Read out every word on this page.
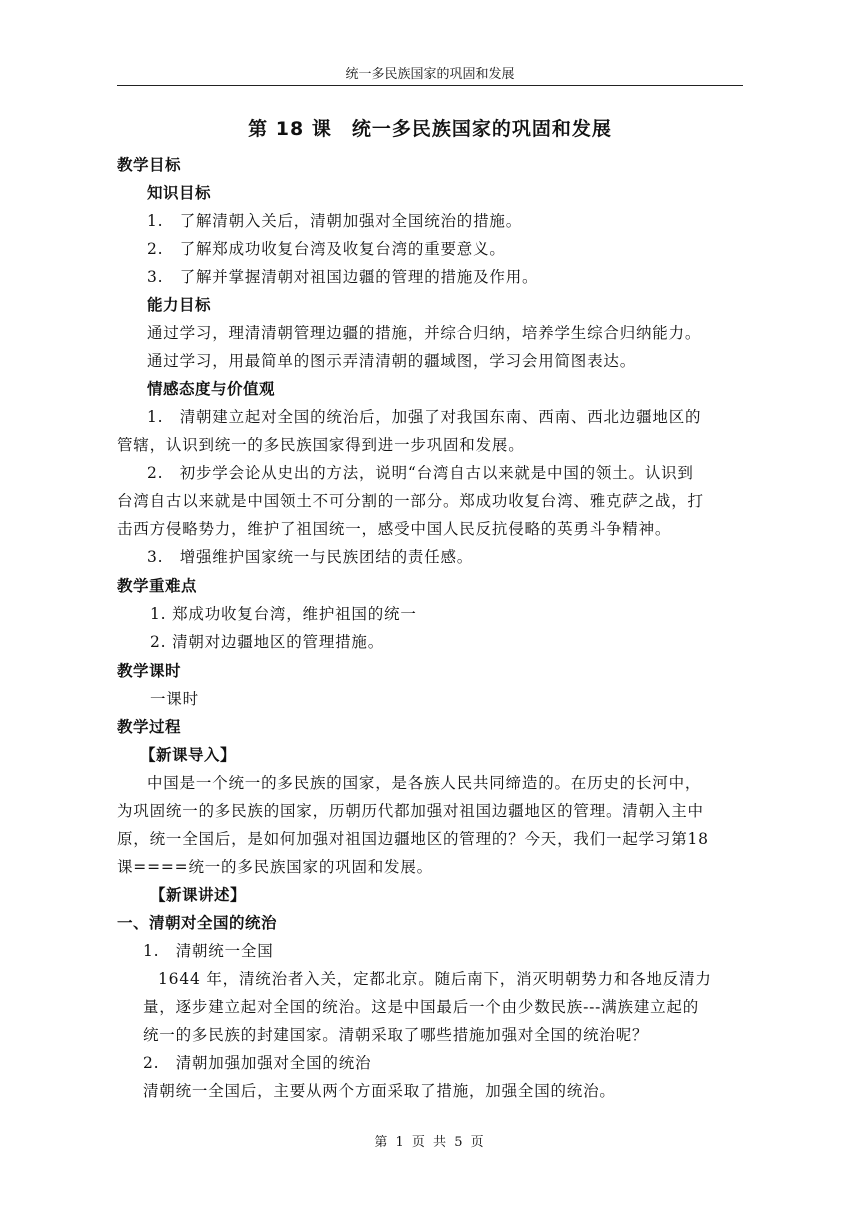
统一多民族国家的巩固和发展
第 18 课　统一多民族国家的巩固和发展
教学目标
知识目标
1.　了解清朝入关后，清朝加强对全国统治的措施。
2.　了解郑成功收复台湾及收复台湾的重要意义。
3.　了解并掌握清朝对祖国边疆的管理的措施及作用。
能力目标
通过学习，理清清朝管理边疆的措施，并综合归纳，培养学生综合归纳能力。
通过学习，用最简单的图示弄清清朝的疆域图，学习会用简图表达。
情感态度与价值观
1.　清朝建立起对全国的统治后，加强了对我国东南、西南、西北边疆地区的
管辖，认识到统一的多民族国家得到进一步巩固和发展。
2.　初步学会论从史出的方法，说明“台湾自古以来就是中国的领土。认识到
台湾自古以来就是中国领土不可分割的一部分。郑成功收复台湾、雅克萨之战，打
击西方侵略势力，维护了祖国统一，感受中国人民反抗侵略的英勇斗争精神。
3.　增强维护国家统一与民族团结的责任感。
教学重难点
1. 郑成功收复台湾，维护祖国的统一
2. 清朝对边疆地区的管理措施。
教学课时
一课时
教学过程
【新课导入】
中国是一个统一的多民族的国家，是各族人民共同缔造的。在历史的长河中，
为巩固统一的多民族的国家，历朝历代都加强对祖国边疆地区的管理。清朝入主中
原，统一全国后，是如何加强对祖国边疆地区的管理的？今天，我们一起学习第18
课====统一的多民族国家的巩固和发展。
【新课讲述】
一、清朝对全国的统治
1.　清朝统一全国
1644 年，清统治者入关，定都北京。随后南下，消灭明朝势力和各地反清力
量，逐步建立起对全国的统治。这是中国最后一个由少数民族---满族建立起的
统一的多民族的封建国家。清朝采取了哪些措施加强对全国的统治呢？
2.　清朝加强加强对全国的统治
清朝统一全国后，主要从两个方面采取了措施，加强全国的统治。
第 1 页 共 5 页
